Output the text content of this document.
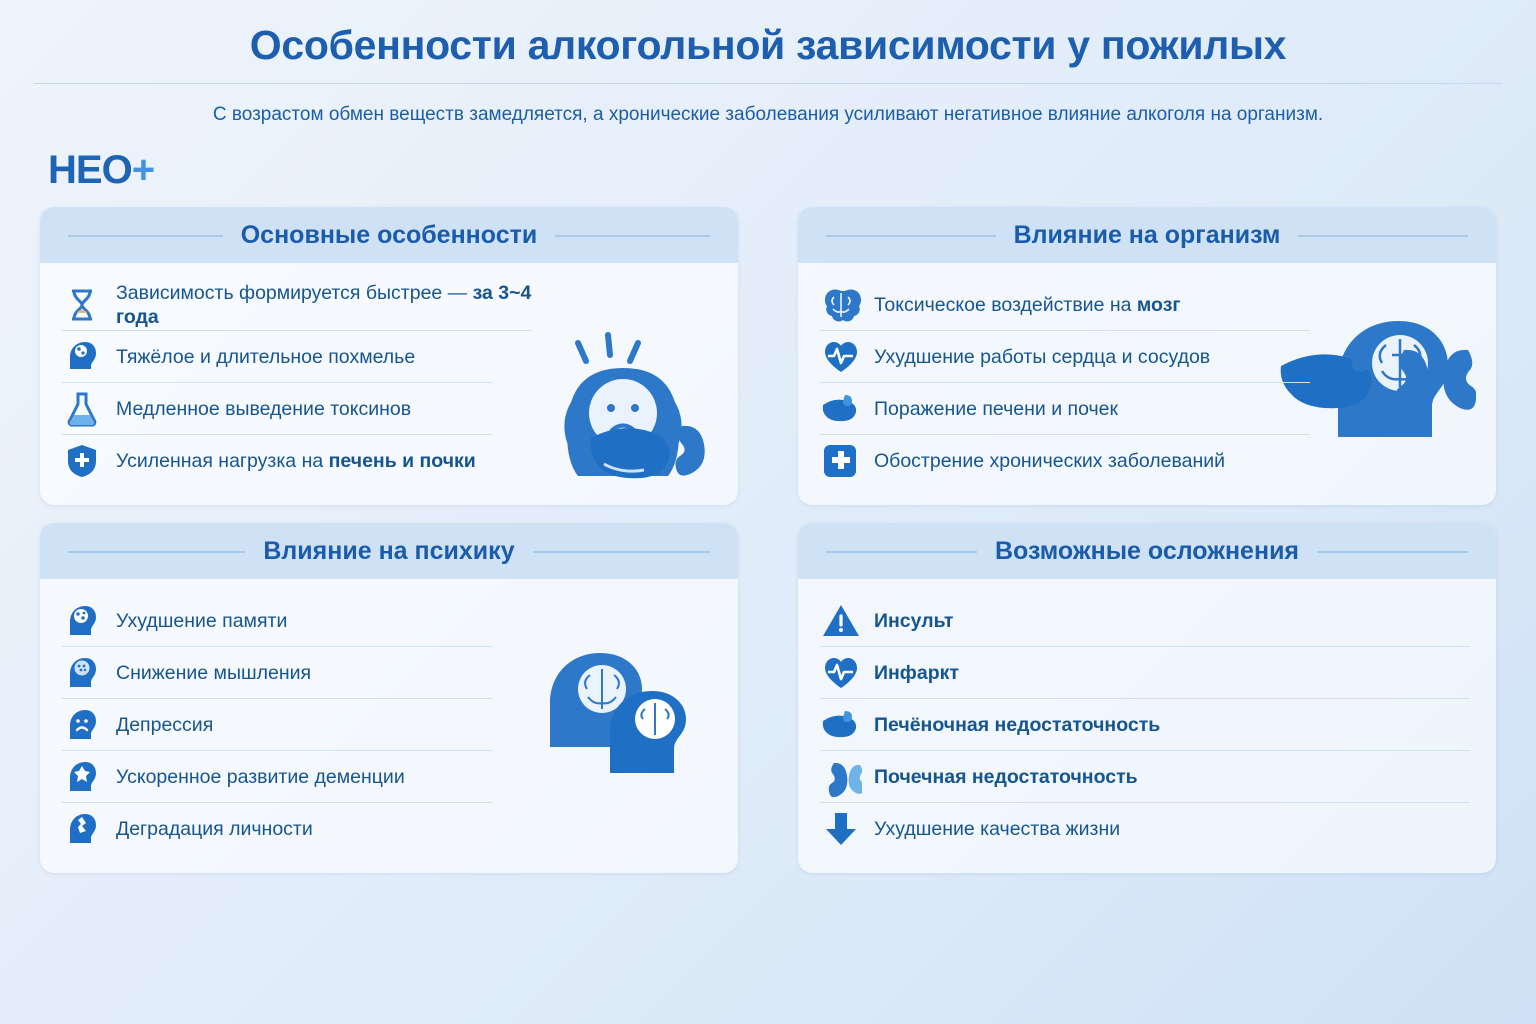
Особенности алкогольной зависимости у пожилых
С возрастом обмен веществ замедляется, а хронические заболевания усиливают негативное влияние алкоголя на организм.
HEO+
Основные особенности
Зависимость формируется быстрее — за 3~4 года
Тяжёлое и длительное похмелье
Медленное выведение токсинов
Усиленная нагрузка на печень и почки
Влияние на организм
Токсическое воздействие на мозг
Ухудшение работы сердца и сосудов
Поражение печени и почек
Обострение хронических заболеваний
Влияние на психику
Ухудшение памяти
Снижение мышления
Депрессия
Ускоренное развитие деменции
Деградация личности
Возможные осложнения
Инсульт
Инфаркт
Печёночная недостаточность
Почечная недостаточность
Ухудшение качества жизни
